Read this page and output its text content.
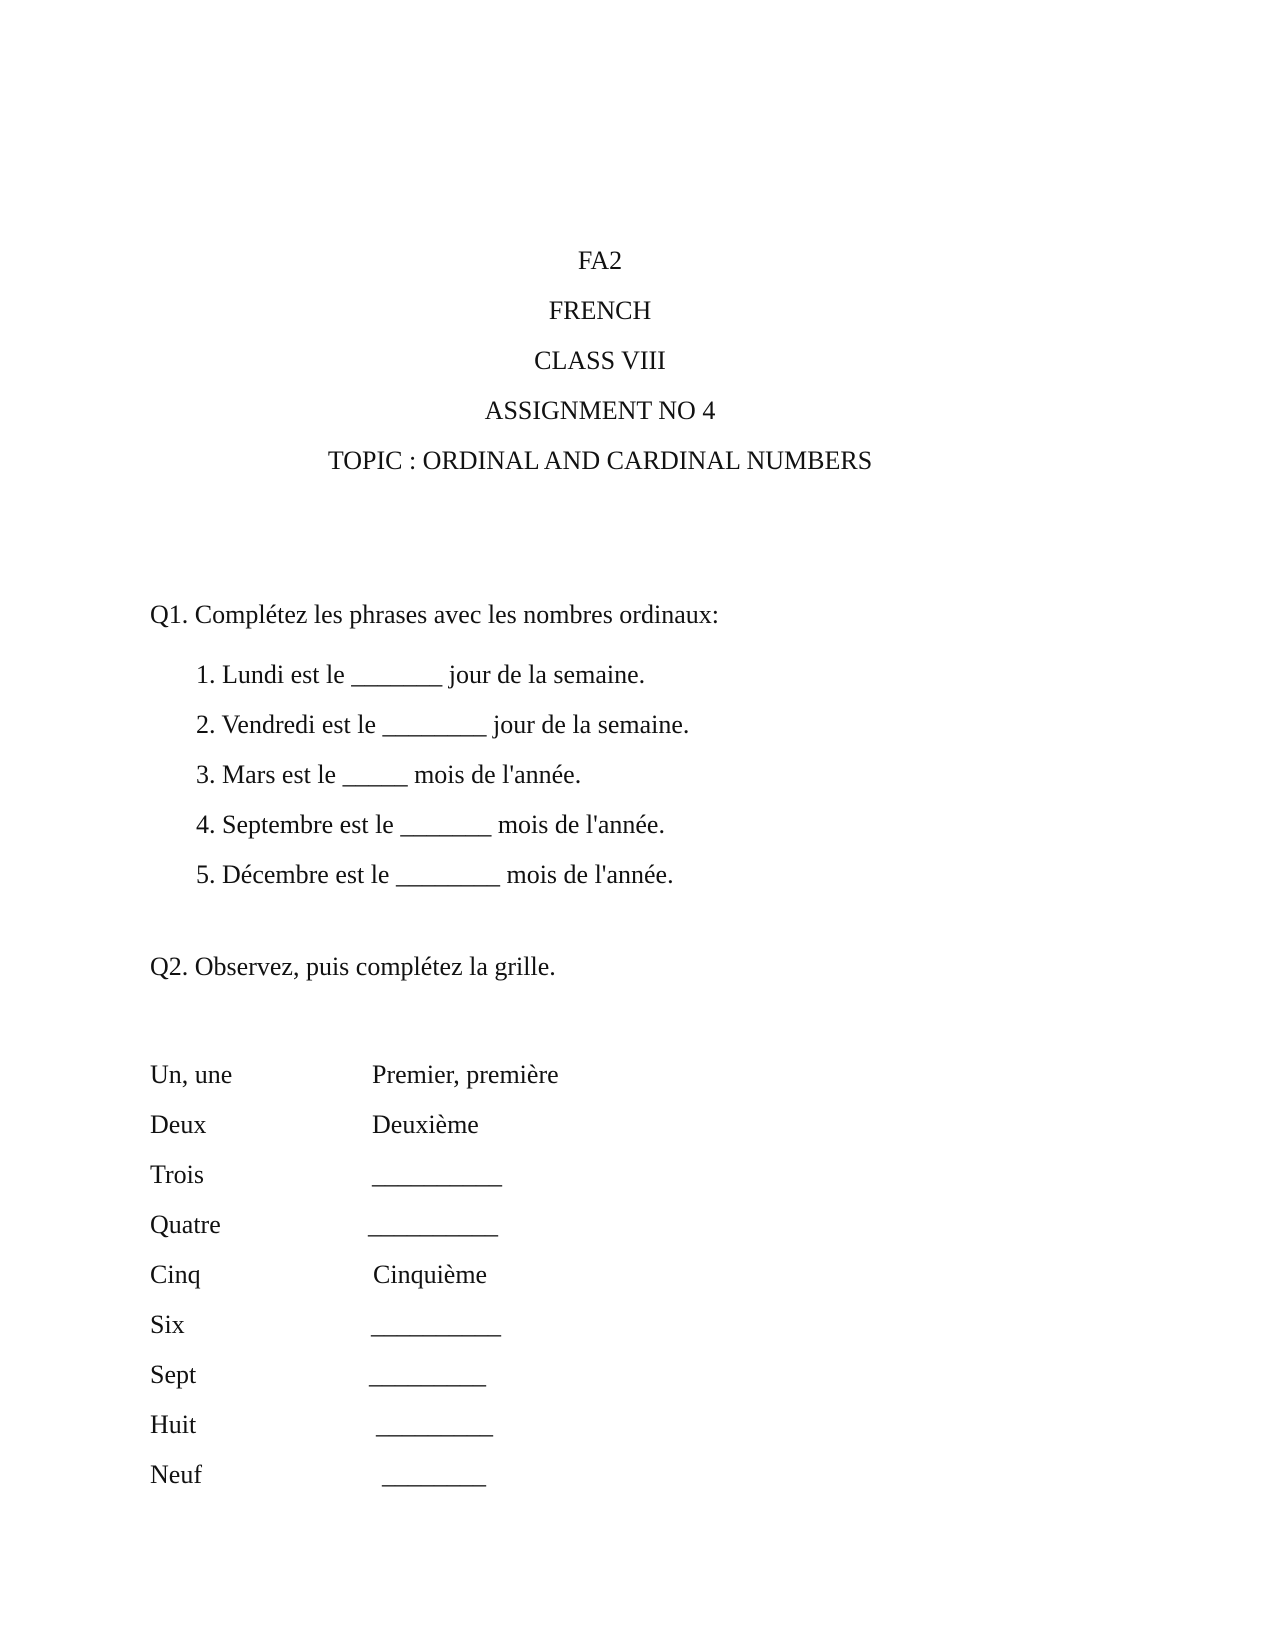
FA2
FRENCH
CLASS VIII
ASSIGNMENT NO 4
TOPIC : ORDINAL AND CARDINAL NUMBERS
Q1. Complétez les phrases avec les nombres ordinaux:
1. Lundi est le _______ jour de la semaine.
2. Vendredi est le ________ jour de la semaine.
3. Mars est le _____ mois de l'année.
4. Septembre est le _______ mois de l'année.
5. Décembre est le ________ mois de l'année.
Q2. Observez, puis complétez la grille.
Un, une	Premier, première
Deux	Deuxième
Trois	__________
Quatre	__________
Cinq	Cinquième
Six	__________
Sept	_________
Huit	_________
Neuf	________
